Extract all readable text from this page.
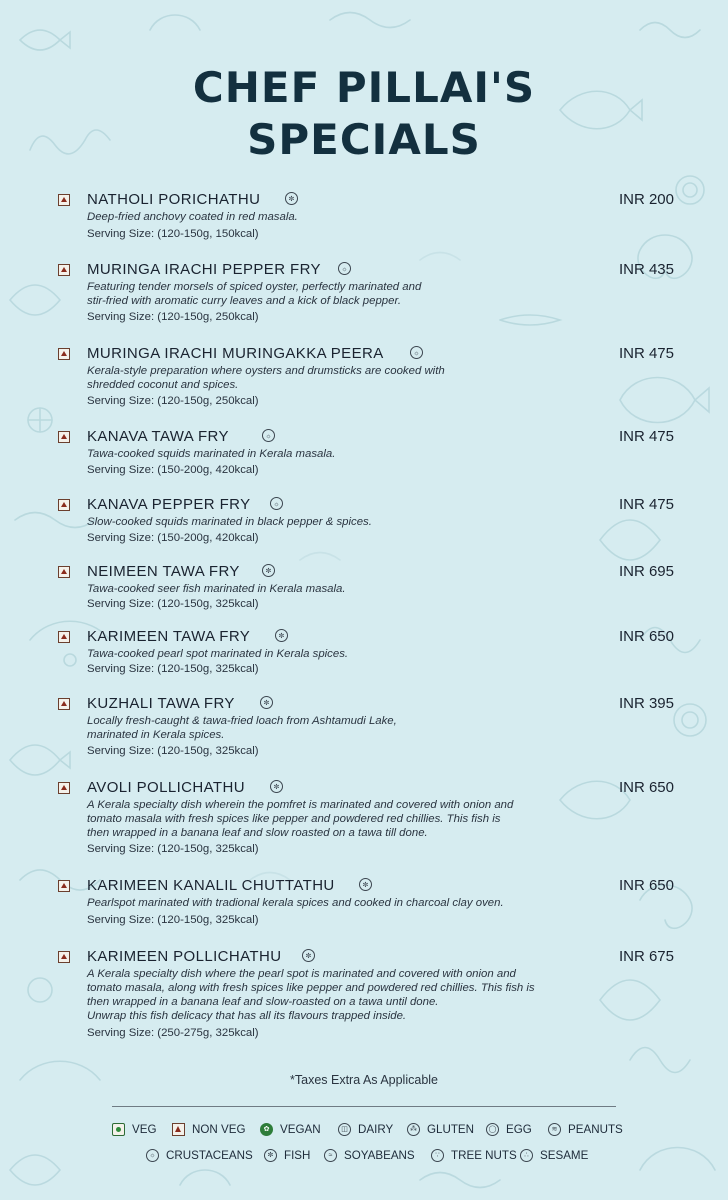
CHEF PILLAI'S
SPECIALS
NATHOLI PORICHATHU	✼	INR 200
Deep-fried anchovy coated in red masala.
Serving Size: (120-150g, 150kcal)
MURINGA IRACHI PEPPER FRY	☼	INR 435
Featuring tender morsels of spiced oyster, perfectly marinated and
stir-fried with aromatic curry leaves and a kick of black pepper.
Serving Size: (120-150g, 250kcal)
MURINGA IRACHI MURINGAKKA PEERA	☼	INR 475
Kerala-style preparation where oysters and drumsticks are cooked with
shredded coconut and spices.
Serving Size: (120-150g, 250kcal)
KANAVA TAWA FRY	☼	INR 475
Tawa-cooked squids marinated in Kerala masala.
Serving Size: (150-200g, 420kcal)
KANAVA PEPPER FRY	☼	INR 475
Slow-cooked squids marinated in black pepper & spices.
Serving Size: (150-200g, 420kcal)
NEIMEEN TAWA FRY	✼	INR 695
Tawa-cooked seer fish marinated in Kerala masala.
Serving Size: (120-150g, 325kcal)
KARIMEEN TAWA FRY	✼	INR 650
Tawa-cooked pearl spot marinated in Kerala spices.
Serving Size: (120-150g, 325kcal)
KUZHALI TAWA FRY	✼	INR 395
Locally fresh-caught & tawa-fried loach from Ashtamudi Lake,
marinated in Kerala spices.
Serving Size: (120-150g, 325kcal)
AVOLI POLLICHATHU	✼	INR 650
A Kerala specialty dish wherein the pomfret is marinated and covered with onion and
tomato masala with fresh spices like pepper and powdered red chillies. This fish is
then wrapped in a banana leaf and slow roasted on a tawa till done.
Serving Size: (120-150g, 325kcal)
KARIMEEN KANALIL CHUTTATHU	✼	INR 650
Pearlspot marinated with tradional kerala spices and cooked in charcoal clay oven.
Serving Size: (120-150g, 325kcal)
KARIMEEN POLLICHATHU	✼	INR 675
A Kerala specialty dish where the pearl spot is marinated and covered with onion and
tomato masala, along with fresh spices like pepper and powdered red chillies. This fish is
then wrapped in a banana leaf and slow-roasted on a tawa until done.
Unwrap this fish delicacy that has all its flavours trapped inside.
Serving Size: (250-275g, 325kcal)
*Taxes Extra As Applicable
VEG	NON VEG	✿ VEGAN	◫ DAIRY	⁂ GLUTEN	◯ EGG	≋ PEANUTS
☼ CRUSTACEANS	✼ FISH	≈ SOYABEANS	∵ TREE NUTS	∴ SESAME
